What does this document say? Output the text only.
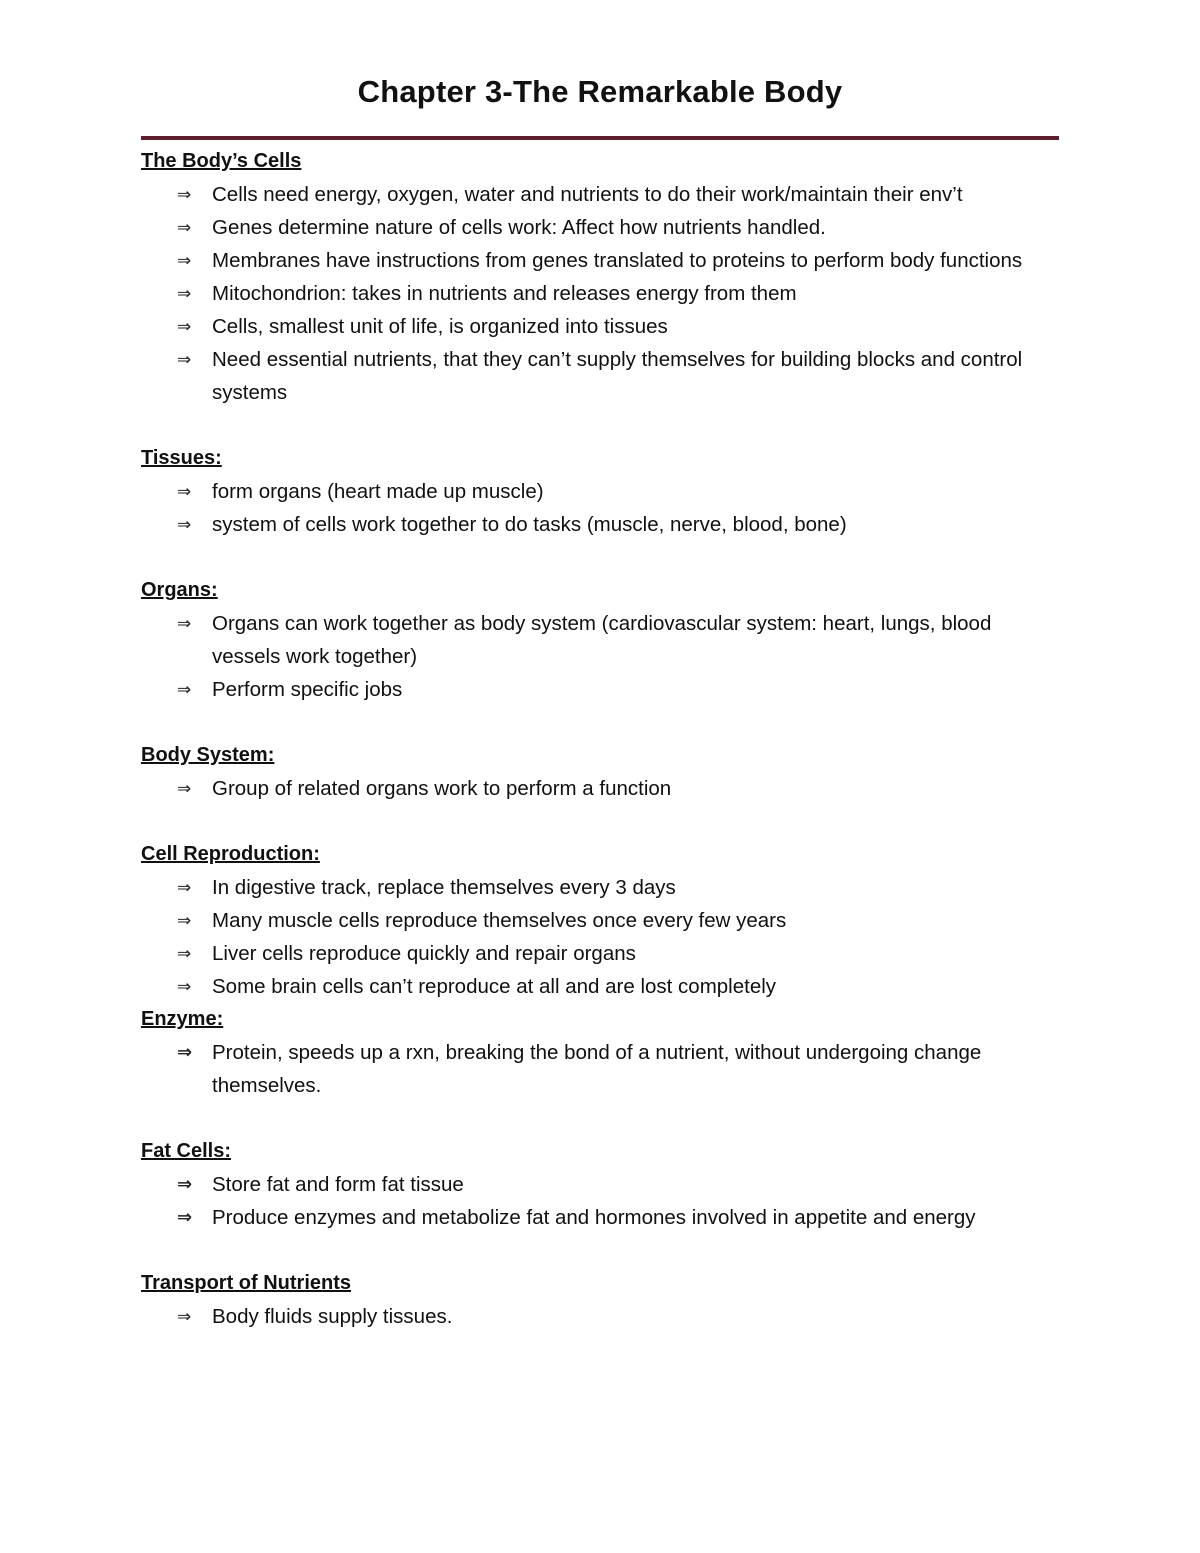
Chapter 3-The Remarkable Body
The Body’s Cells
⇒	Cells need energy, oxygen, water and nutrients to do their work/maintain their env’t
⇒	Genes determine nature of cells work: Affect how nutrients handled.
⇒	Membranes have instructions from genes translated to proteins to perform body functions
⇒	Mitochondrion: takes in nutrients and releases energy from them
⇒	Cells, smallest unit of life, is organized into tissues
⇒	Need essential nutrients, that they can’t supply themselves for building blocks and control systems
Tissues:
⇒	form organs (heart made up muscle)
⇒	system of cells work together to do tasks (muscle, nerve, blood, bone)
Organs:
⇒	Organs can work together as body system (cardiovascular system: heart, lungs, blood vessels work together)
⇒	Perform specific jobs
Body System:
⇒	Group of related organs work to perform a function
Cell Reproduction:
⇒	In digestive track, replace themselves every 3 days
⇒	Many muscle cells reproduce themselves once every few years
⇒	Liver cells reproduce quickly and repair organs
⇒	Some brain cells can’t reproduce at all and are lost completely
Enzyme:
⇒ Protein, speeds up a rxn, breaking the bond of a nutrient, without undergoing change themselves.
Fat Cells:
⇒ Store fat and form fat tissue
⇒ Produce enzymes and metabolize fat and hormones involved in appetite and energy
Transport of Nutrients
⇒	Body fluids supply tissues.
